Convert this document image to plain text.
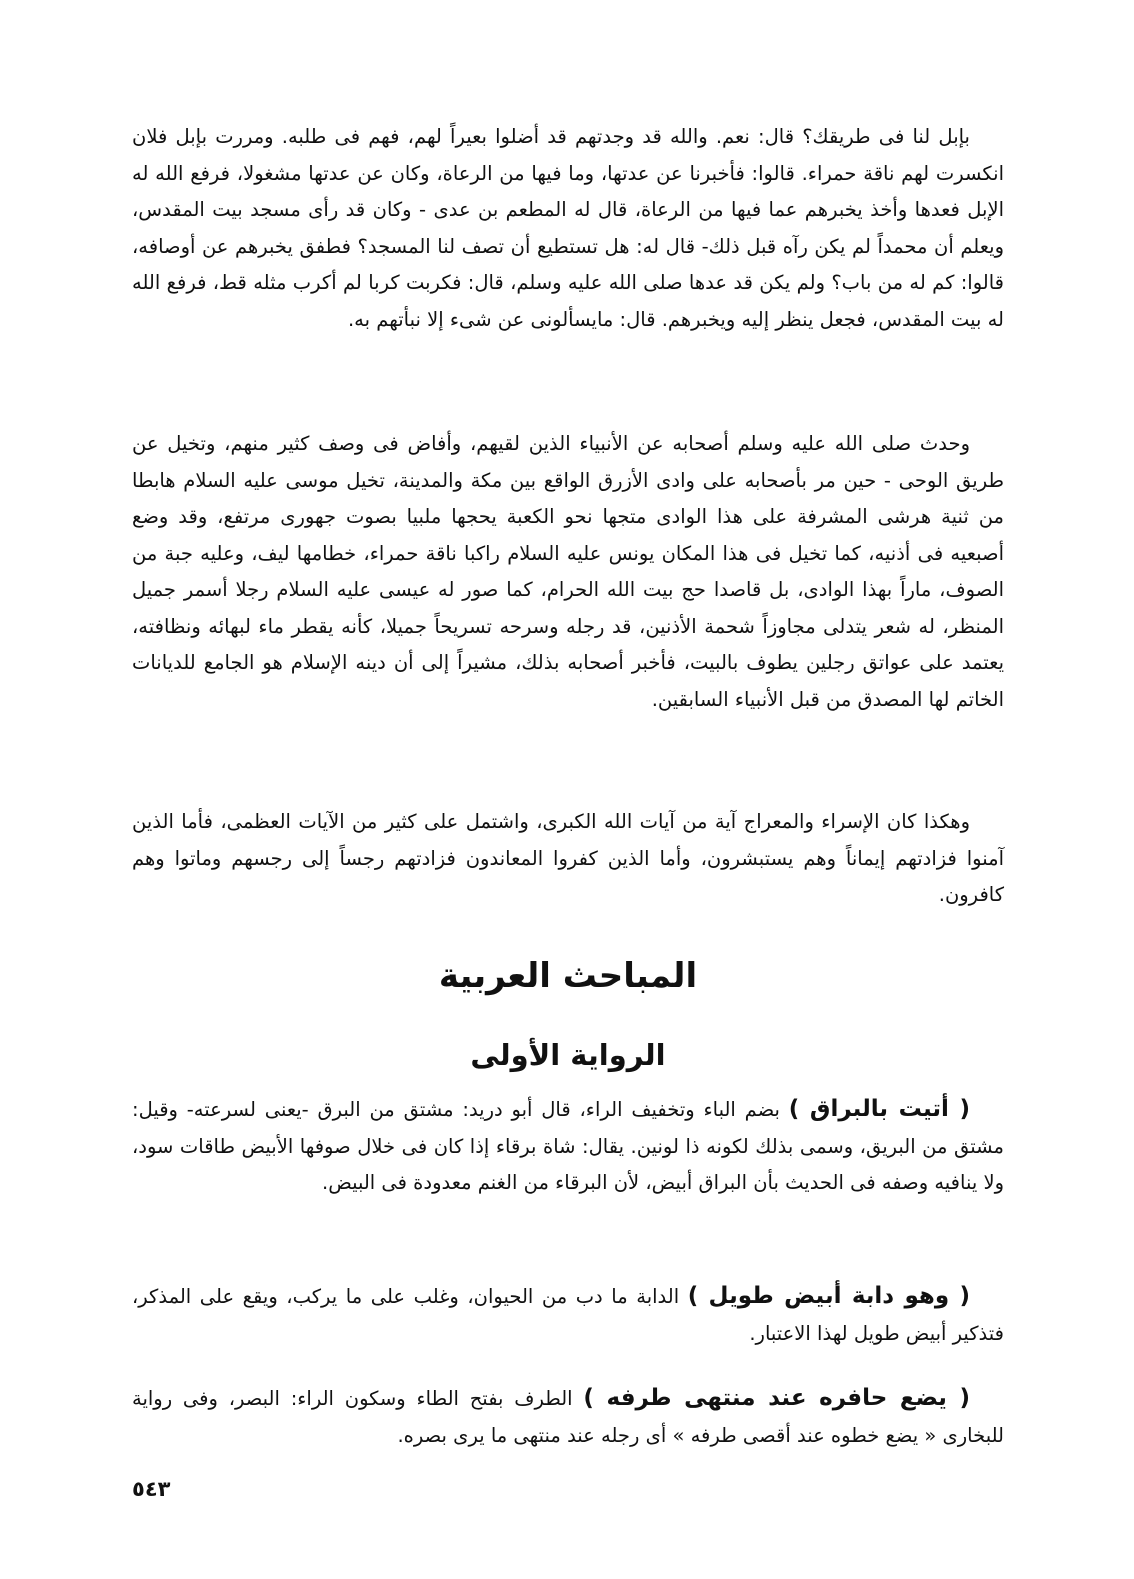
بإبل لنا فى طريقك؟ قال: نعم. والله قد وجدتهم قد أضلوا بعيراً لهم، فهم فى طلبه. ومررت بإبل فلان انكسرت لهم ناقة حمراء. قالوا: فأخبرنا عن عدتها، وما فيها من الرعاة، وكان عن عدتها مشغولا، فرفع الله له الإبل فعدها وأخذ يخبرهم عما فيها من الرعاة، قال له المطعم بن عدى - وكان قد رأى مسجد بيت المقدس، ويعلم أن محمداً لم يكن رآه قبل ذلك- قال له: هل تستطيع أن تصف لنا المسجد؟ فطفق يخبرهم عن أوصافه، قالوا: كم له من باب؟ ولم يكن قد عدها صلى الله عليه وسلم، قال: فكربت كربا لم أكرب مثله قط، فرفع الله له بيت المقدس، فجعل ينظر إليه ويخبرهم. قال: مايسألونى عن شىء إلا نبأتهم به.

وحدث صلى الله عليه وسلم أصحابه عن الأنبياء الذين لقيهم، وأفاض فى وصف كثير منهم، وتخيل عن طريق الوحى - حين مر بأصحابه على وادى الأزرق الواقع بين مكة والمدينة، تخيل موسى عليه السلام هابطا من ثنية هرشى المشرفة على هذا الوادى متجها نحو الكعبة يحجها ملبيا بصوت جهورى مرتفع، وقد وضع أصبعيه فى أذنيه، كما تخيل فى هذا المكان يونس عليه السلام راكبا ناقة حمراء، خطامها ليف، وعليه جبة من الصوف، ماراً بهذا الوادى، بل قاصدا حج بيت الله الحرام، كما صور له عيسى عليه السلام رجلا أسمر جميل المنظر، له شعر يتدلى مجاوزاً شحمة الأذنين، قد رجله وسرحه تسريحاً جميلا، كأنه يقطر ماء لبهائه ونظافته، يعتمد على عواتق رجلين يطوف بالبيت، فأخبر أصحابه بذلك، مشيراً إلى أن دينه الإسلام هو الجامع للديانات الخاتم لها المصدق من قبل الأنبياء السابقين.

وهكذا كان الإسراء والمعراج آية من آيات الله الكبرى، واشتمل على كثير من الآيات العظمى، فأما الذين آمنوا فزادتهم إيماناً وهم يستبشرون، وأما الذين كفروا المعاندون فزادتهم رجساً إلى رجسهم وماتوا وهم كافرون.

المباحث العربية
الرواية الأولى

( أتيت بالبراق ) بضم الباء وتخفيف الراء، قال أبو دريد: مشتق من البرق -يعنى لسرعته- وقيل: مشتق من البريق، وسمى بذلك لكونه ذا لونين. يقال: شاة برقاء إذا كان فى خلال صوفها الأبيض طاقات سود، ولا ينافيه وصفه فى الحديث بأن البراق أبيض، لأن البرقاء من الغنم معدودة فى البيض.

( وهو دابة أبيض طويل ) الدابة ما دب من الحيوان، وغلب على ما يركب، ويقع على المذكر، فتذكير أبيض طويل لهذا الاعتبار.

( يضع حافره عند منتهى طرفه ) الطرف بفتح الطاء وسكون الراء: البصر، وفى رواية للبخارى « يضع خطوه عند أقصى طرفه » أى رجله عند منتهى ما يرى بصره.

٥٤٣
